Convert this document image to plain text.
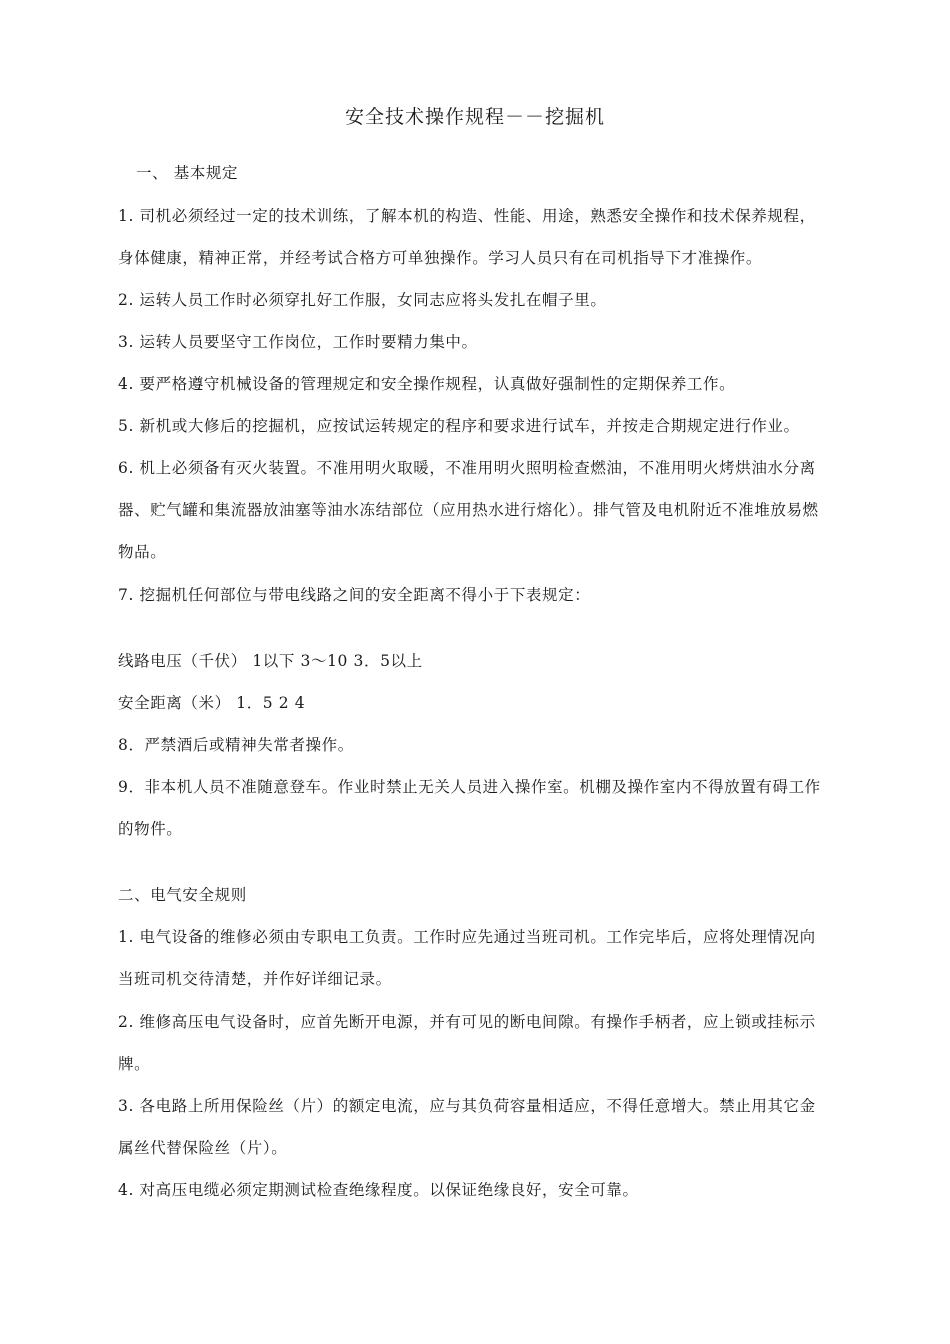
安全技术操作规程－－挖掘机
一、 基本规定
1. 司机必须经过一定的技术训练，了解本机的构造、性能、用途，熟悉安全操作和技术保养规程，
身体健康，精神正常，并经考试合格方可单独操作。学习人员只有在司机指导下才准操作。
2. 运转人员工作时必须穿扎好工作服，女同志应将头发扎在帽子里。
3. 运转人员要坚守工作岗位，工作时要精力集中。
4. 要严格遵守机械设备的管理规定和安全操作规程，认真做好强制性的定期保养工作。
5. 新机或大修后的挖掘机，应按试运转规定的程序和要求进行试车，并按走合期规定进行作业。
6. 机上必须备有灭火装置。不准用明火取暖，不准用明火照明检查燃油，不准用明火烤烘油水分离
器、贮气罐和集流器放油塞等油水冻结部位（应用热水进行熔化）。排气管及电机附近不准堆放易燃
物品。
7. 挖掘机任何部位与带电线路之间的安全距离不得小于下表规定：
线路电压（千伏） 1以下 3～10 3．5以上
安全距离（米） 1．5 2 4
8．严禁酒后或精神失常者操作。
9．非本机人员不准随意登车。作业时禁止无关人员进入操作室。机棚及操作室内不得放置有碍工作
的物件。
二、电气安全规则
1. 电气设备的维修必须由专职电工负责。工作时应先通过当班司机。工作完毕后，应将处理情况向
当班司机交待清楚，并作好详细记录。
2. 维修高压电气设备时，应首先断开电源，并有可见的断电间隙。有操作手柄者，应上锁或挂标示
牌。
3. 各电路上所用保险丝（片）的额定电流，应与其负荷容量相适应，不得任意增大。禁止用其它金
属丝代替保险丝（片）。
4. 对高压电缆必须定期测试检查绝缘程度。以保证绝缘良好，安全可靠。
